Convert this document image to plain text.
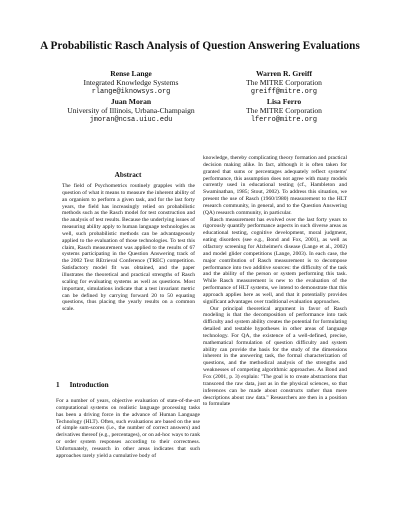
A Probabilistic Rasch Analysis of Question Answering Evaluations
Rense Lange
Integrated Knowledge Systems
rlange@iknowsys.org
Warren R. Greiff
The MITRE Corporation
greiff@mitre.org
Juan Moran
University of Illinois, Urbana-Champaign
jmoran@ncsa.uiuc.edu
Lisa Ferro
The MITRE Corporation
lferro@mitre.org
Abstract

The field of Psychometrics routinely grapples with the question of what it means to measure the inherent ability of an organism to perform a given task, and for the last forty years, the field has increasingly relied on probabilistic methods such as the Rasch model for test construction and the analysis of test results. Because the underlying issues of measuring ability apply to human language technologies as well, such probabilistic methods can be advantageously applied to the evaluation of those technologies. To test this claim, Rasch measurement was applied to the results of 67 systems participating in the Question Answering track of the 2002 Text REtrieval Conference (TREC) competition. Satisfactory model fit was obtained, and the paper illustrates the theoretical and practical strengths of Rasch scaling for evaluating systems as well as questions. Most important, simulations indicate that a test invariant metric can be defined by carrying forward 20 to 50 equating questions, thus placing the yearly results on a common scale.

1 Introduction

For a number of years, objective evaluation of state-of-the-art computational systems on realistic language processing tasks has been a driving force in the advance of Human Language Technology (HLT). Often, such evaluations are based on the use of simple sum-scores (i.e., the number of correct answers) and derivatives thereof (e.g., percentages), or on ad-hoc ways to rank or order system responses according to their correctness. Unfortunately, research in other areas indicates that such approaches rarely yield a cumulative body of

knowledge, thereby complicating theory formation and practical decision making alike. In fact, although it is often taken for granted that sums or percentages adequately reflect systems' performance, this assumption does not agree with many models currently used in educational testing (cf., Hambleton and Swaminathan, 1985; Stout, 2002). To address this situation, we present the use of Rasch (1960/1980) measurement to the HLT research community, in general, and to the Question Answering (QA) research community, in particular.

Rasch measurement has evolved over the last forty years to rigorously quantify performance aspects in such diverse areas as educational testing, cognitive development, moral judgment, eating disorders (see e.g., Bond and Fox, 2001), as well as olfactory screening for Alzheimer's disease (Lange et al., 2002) and model glider competitions (Lange, 2003). In each case, the major contribution of Rasch measurement is to decompose performance into two additive sources: the difficulty of the task and the ability of the person or system performing this task. While Rasch measurement is new to the evaluation of the performance of HLT systems, we intend to demonstrate that this approach applies here as well, and that it potentially provides significant advantages over traditional evaluation approaches.

Our principal theoretical argument in favor of Rasch modeling is that the decomposition of performance into task difficulty and system ability creates the potential for formulating detailed and testable hypotheses in other areas of language technology. For QA, the existence of a well-defined, precise, mathematical formulation of question difficulty and system ability can provide the basis for the study of the dimensions inherent in the answering task, the formal characterization of questions, and the methodical analysis of the strengths and weaknesses of competing algorithmic approaches. As Bond and Fox (2001, p. 3) explain: "The goal is to create abstractions that transcend the raw data, just as in the physical sciences, so that inferences can be made about constructs rather than mere descriptions about raw data." Researchers are then in a position to formulate
